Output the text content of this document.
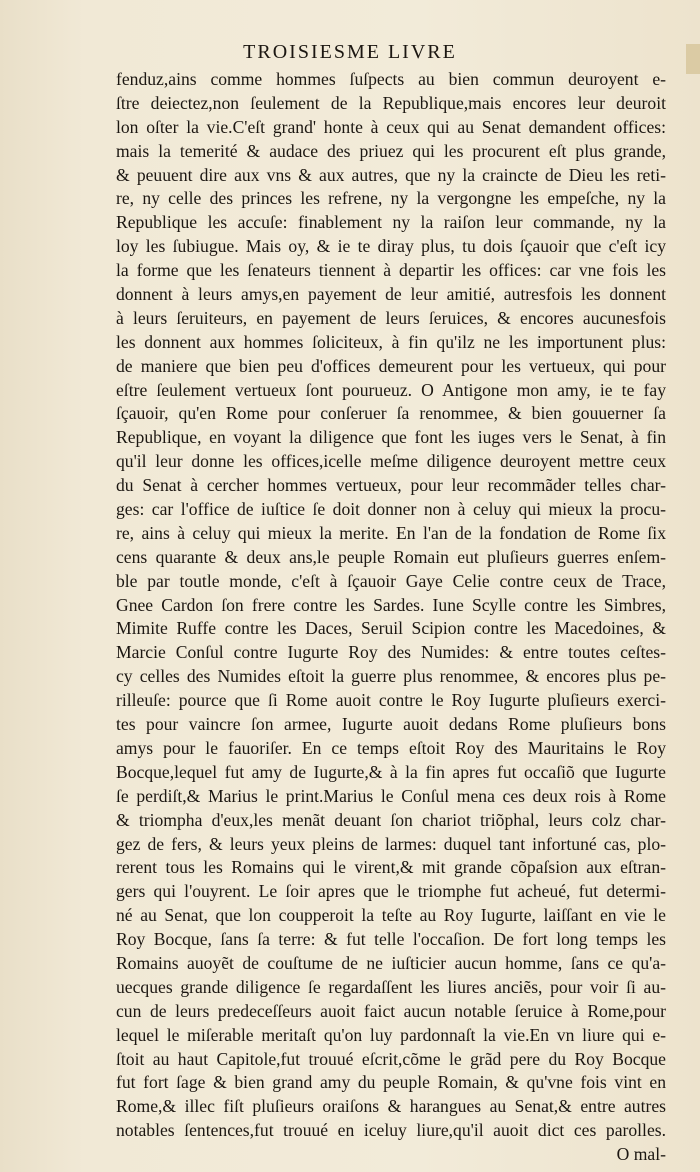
TROISIESME LIVRE
fenduz,ains comme hommes ſuſpects au bien commun deuroyent e-
ſtre deiectez,non ſeulement de la Republique,mais encores leur deuroit
lon oſter la vie.C'eſt grand' honte à ceux qui au Senat demandent offices:
mais la temerité & audace des priuez qui les procurent eſt plus grande,
& peuuent dire aux vns & aux autres, que ny la craincte de Dieu les reti-
re, ny celle des princes les refrene, ny la vergongne les empeſche, ny la
Republique les accuſe: finablement ny la raiſon leur commande, ny la
loy les ſubiugue. Mais oy, & ie te diray plus, tu dois ſçauoir que c'eſt icy
la forme que les ſenateurs tiennent à departir les offices: car vne fois les
donnent à leurs amys,en payement de leur amitié, autresfois les donnent
à leurs ſeruiteurs, en payement de leurs ſeruices, & encores aucunesfois
les donnent aux hommes ſoliciteux, à fin qu'ilz ne les importunent plus:
de maniere que bien peu d'offices demeurent pour les vertueux, qui pour
eſtre ſeulement vertueux ſont pourueuz. O Antigone mon amy, ie te fay
ſçauoir, qu'en Rome pour conſeruer ſa renommee, & bien gouuerner ſa
Republique, en voyant la diligence que font les iuges vers le Senat, à fin
qu'il leur donne les offices,icelle meſme diligence deuroyent mettre ceux
du Senat à cercher hommes vertueux, pour leur recommãder telles char-
ges: car l'office de iuſtice ſe doit donner non à celuy qui mieux la procu-
re, ains à celuy qui mieux la merite. En l'an de la fondation de Rome ſix
cens quarante & deux ans,le peuple Romain eut pluſieurs guerres enſem-
ble par toutle monde, c'eſt à ſçauoir Gaye Celie contre ceux de Trace,
Gnee Cardon ſon frere contre les Sardes. Iune Scylle contre les Simbres,
Mimite Ruffe contre les Daces, Seruil Scipion contre les Macedoines, &
Marcie Conſul contre Iugurte Roy des Numides: & entre toutes ceſtes-
cy celles des Numides eſtoit la guerre plus renommee, & encores plus pe-
rilleuſe: pource que ſi Rome auoit contre le Roy Iugurte pluſieurs exerci-
tes pour vaincre ſon armee, Iugurte auoit dedans Rome pluſieurs bons
amys pour le fauoriſer. En ce temps eſtoit Roy des Mauritains le Roy
Bocque,lequel fut amy de Iugurte,& à la fin apres fut occaſiõ que Iugurte
ſe perdiſt,& Marius le print.Marius le Conſul mena ces deux rois à Rome
& triompha d'eux,les menãt deuant ſon chariot triõphal, leurs colz char-
gez de fers, & leurs yeux pleins de larmes: duquel tant infortuné cas, plo-
rerent tous les Romains qui le virent,& mit grande cõpaſsion aux eſtran-
gers qui l'ouyrent. Le ſoir apres que le triomphe fut acheué, fut determi-
né au Senat, que lon coupperoit la teſte au Roy Iugurte, laiſſant en vie le
Roy Bocque, ſans ſa terre: & fut telle l'occaſion. De fort long temps les
Romains auoyẽt de couſtume de ne iuſticier aucun homme, ſans ce qu'a-
uecques grande diligence ſe regardaſſent les liures anciẽs, pour voir ſi au-
cun de leurs predeceſſeurs auoit faict aucun notable ſeruice à Rome,pour
lequel le miſerable meritaſt qu'on luy pardonnaſt la vie.En vn liure qui e-
ſtoit au haut Capitole,fut trouué eſcrit,cõme le grãd pere du Roy Bocque
fut fort ſage & bien grand amy du peuple Romain, & qu'vne fois vint en
Rome,& illec fiſt pluſieurs oraiſons & harangues au Senat,& entre autres
notables ſentences,fut trouué en iceluy liure,qu'il auoit dict ces parolles.
O mal-
